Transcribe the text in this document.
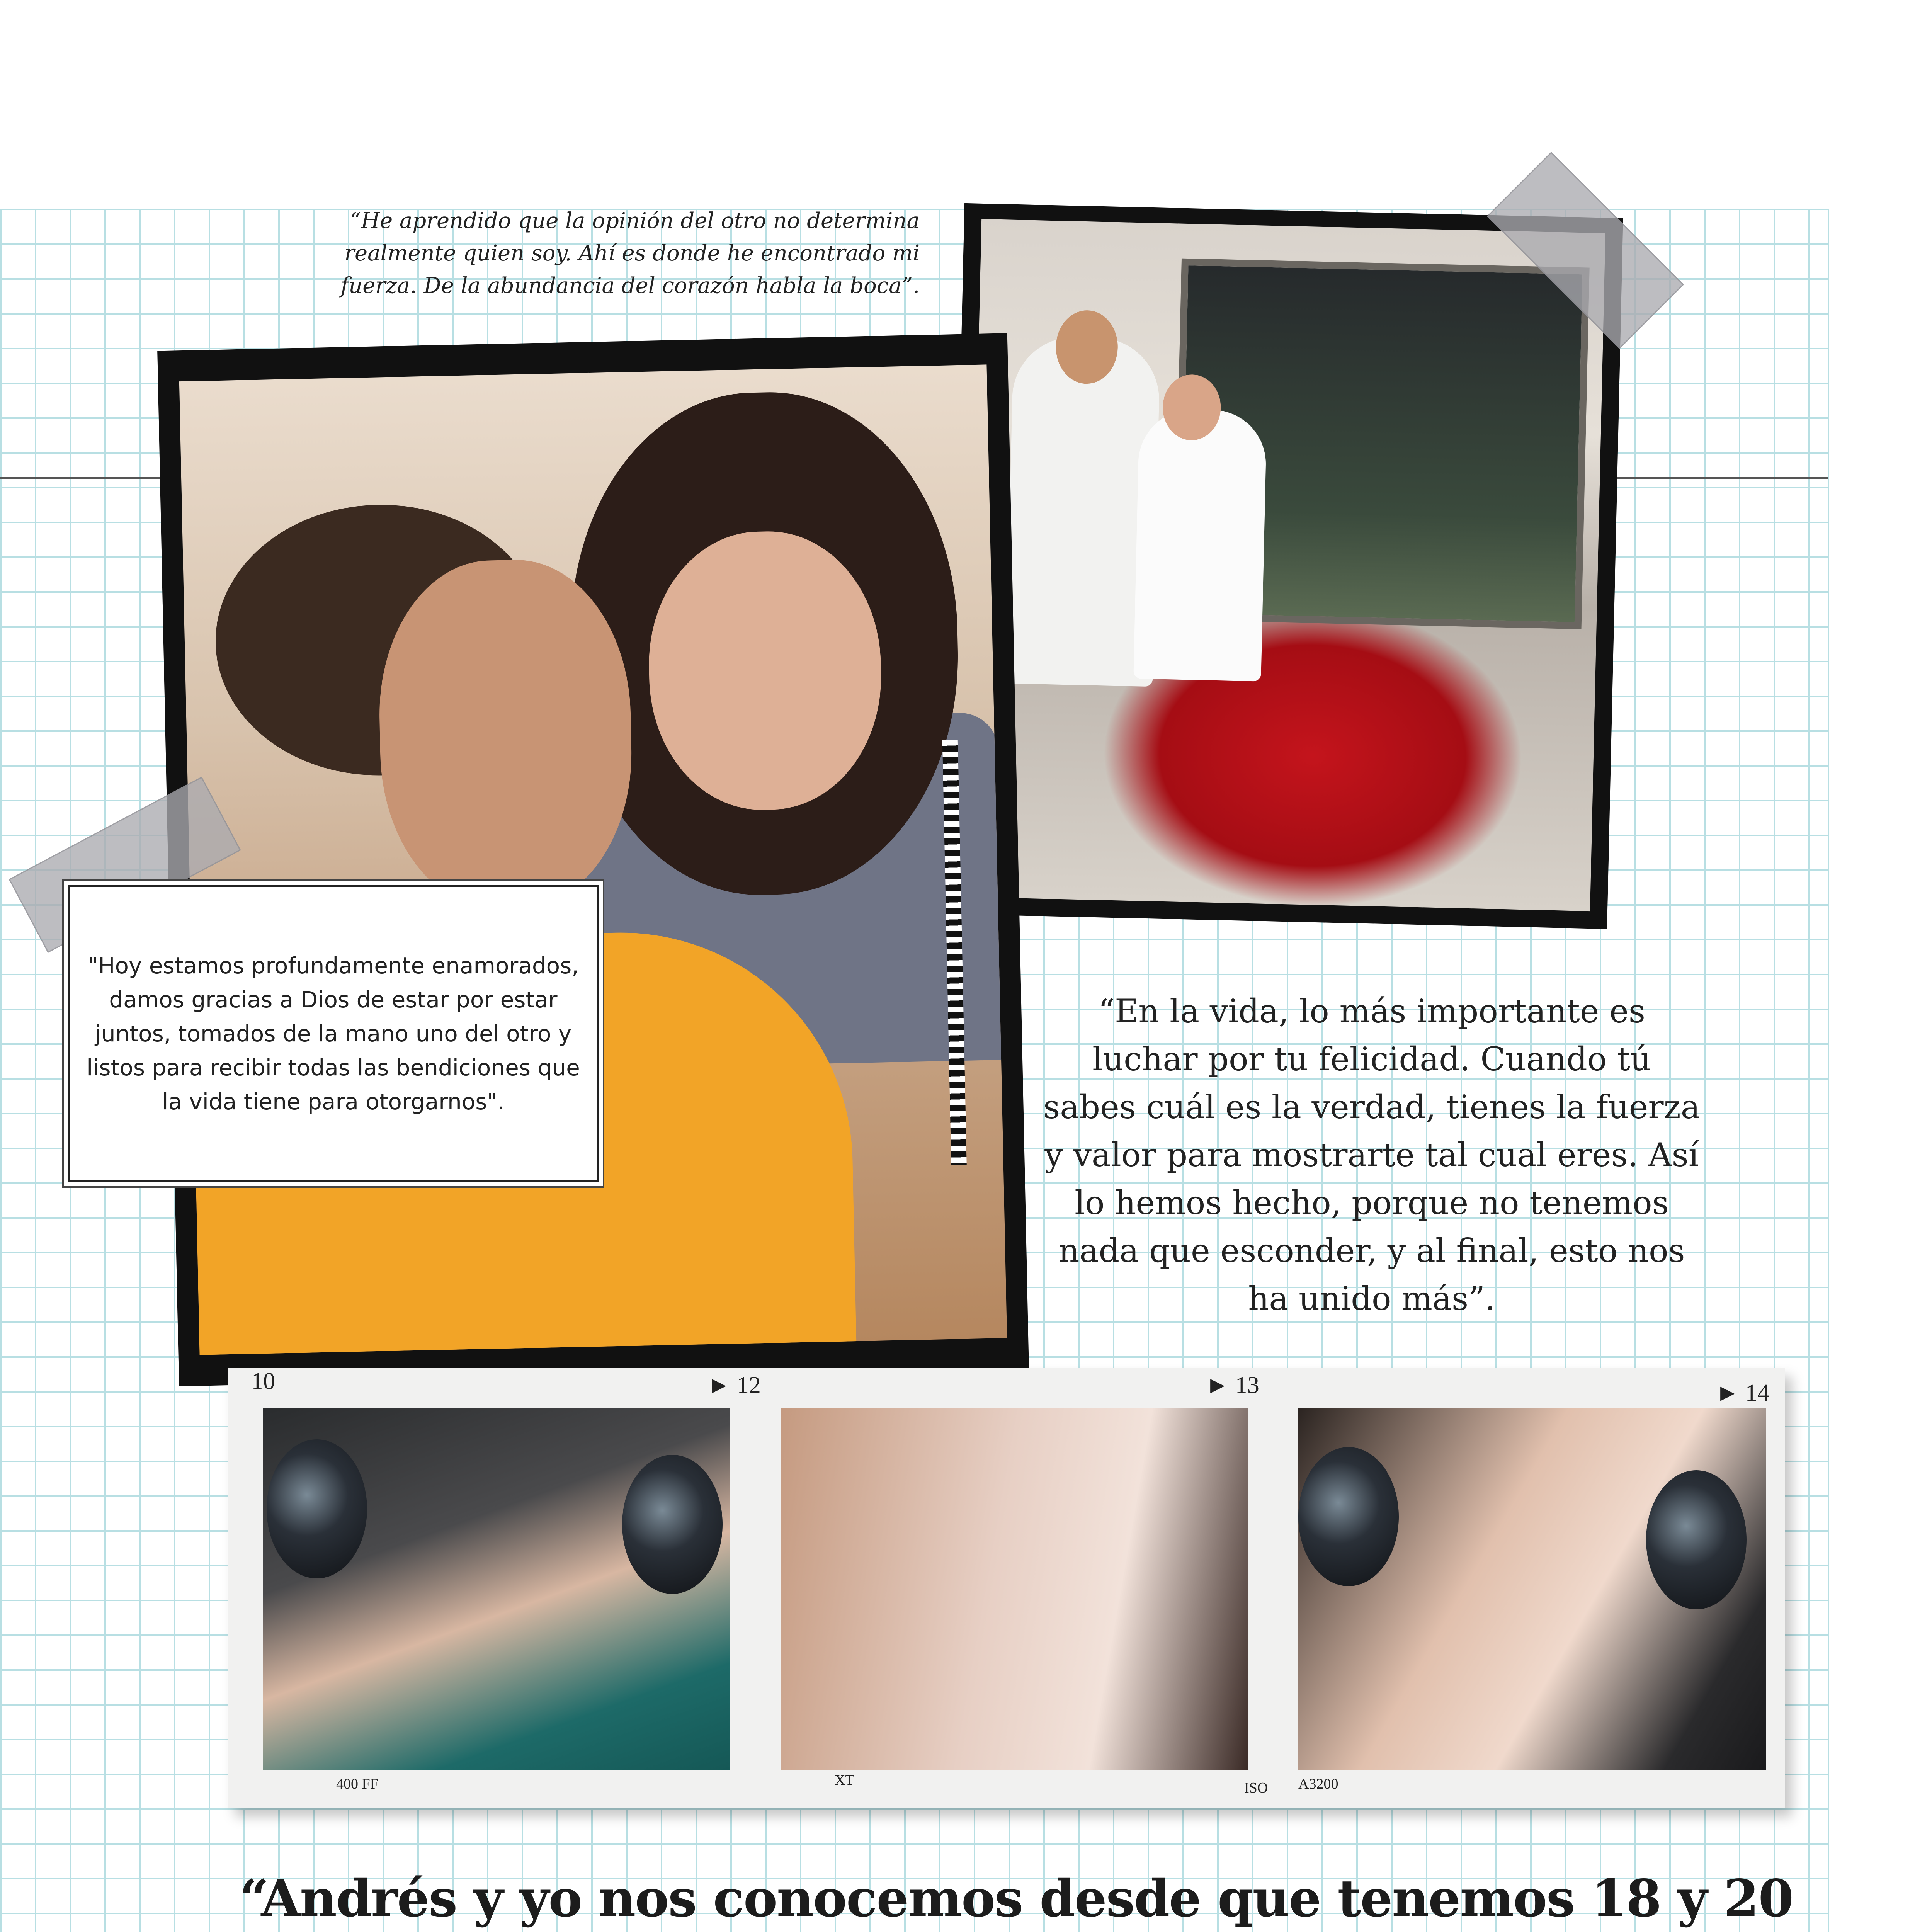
“He aprendido que la opinión del otro no determina realmente quien soy. Ahí es donde he encontrado mi fuerza. De la abundancia del corazón habla la boca”.
"Hoy estamos profundamente enamorados, damos gracias a Dios de estar por estar juntos, tomados de la mano uno del otro y listos para recibir todas las bendiciones que la vida tiene para otorgarnos".
“En la vida, lo más importante es luchar por tu felicidad. Cuando tú sabes cuál es la verdad, tienes la fuerza y valor para mostrarte tal cual eres. Así lo hemos hecho, porque no tenemos nada que esconder, y al final, esto nos ha unido más”.
10	► 12	► 13	► 14
400 FF	XT	ISO A3200
“Andrés y yo nos conocemos desde que tenemos 18 y 20
